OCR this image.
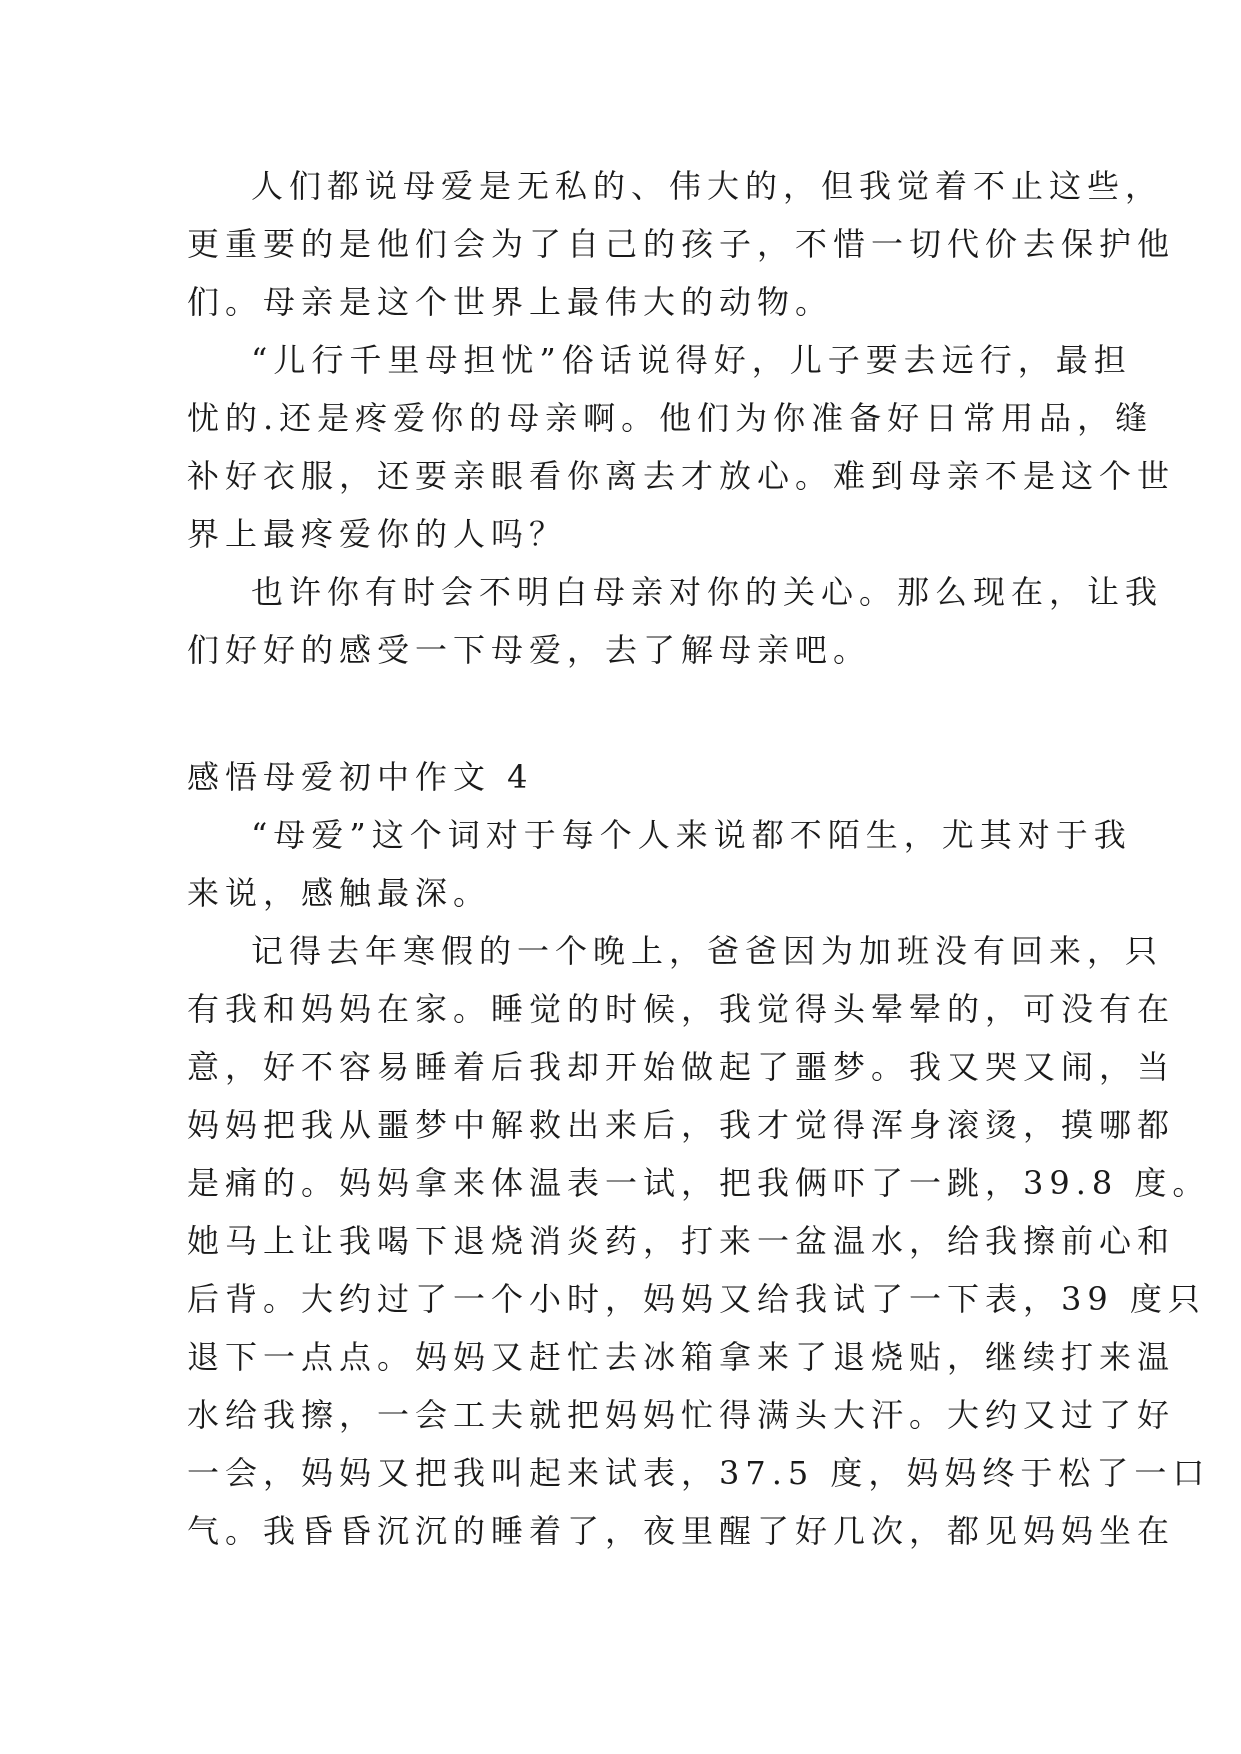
人们都说母爱是无私的、伟大的，但我觉着不止这些，
更重要的是他们会为了自己的孩子，不惜一切代价去保护他
们。母亲是这个世界上最伟大的动物。
“儿行千里母担忧”俗话说得好，儿子要去远行，最担
忧的.还是疼爱你的母亲啊。他们为你准备好日常用品，缝
补好衣服，还要亲眼看你离去才放心。难到母亲不是这个世
界上最疼爱你的人吗？
也许你有时会不明白母亲对你的关心。那么现在，让我
们好好的感受一下母爱，去了解母亲吧。
感悟母爱初中作文 4
“母爱”这个词对于每个人来说都不陌生，尤其对于我
来说，感触最深。
记得去年寒假的一个晚上，爸爸因为加班没有回来，只
有我和妈妈在家。睡觉的时候，我觉得头晕晕的，可没有在
意，好不容易睡着后我却开始做起了噩梦。我又哭又闹，当
妈妈把我从噩梦中解救出来后，我才觉得浑身滚烫，摸哪都
是痛的。妈妈拿来体温表一试，把我俩吓了一跳，39.8 度。
她马上让我喝下退烧消炎药，打来一盆温水，给我擦前心和
后背。大约过了一个小时，妈妈又给我试了一下表，39 度只
退下一点点。妈妈又赶忙去冰箱拿来了退烧贴，继续打来温
水给我擦，一会工夫就把妈妈忙得满头大汗。大约又过了好
一会，妈妈又把我叫起来试表，37.5 度，妈妈终于松了一口
气。我昏昏沉沉的睡着了，夜里醒了好几次，都见妈妈坐在
